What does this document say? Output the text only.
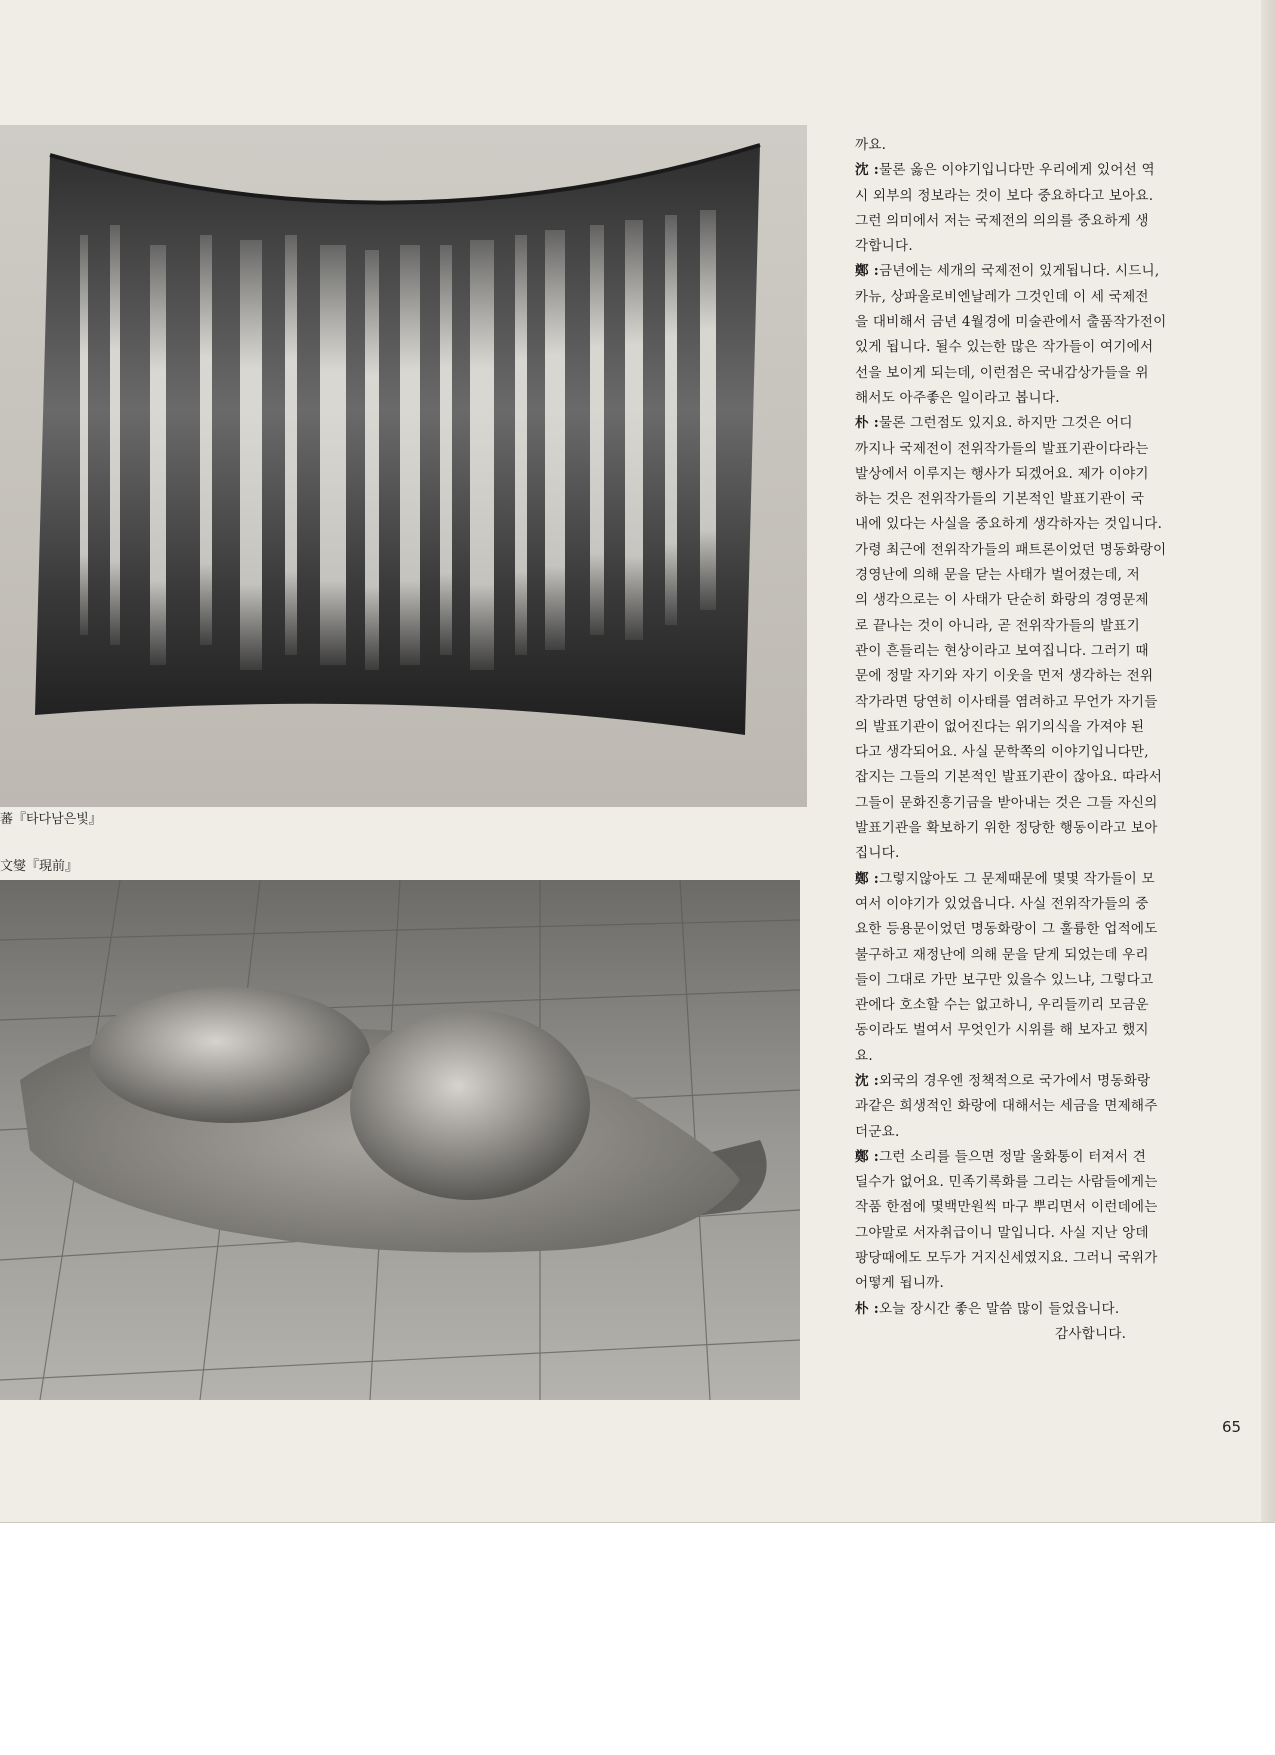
蕃『타다남은빛』
文燮『現前』
까요.
沈 :물론 옳은 이야기입니다만 우리에게 있어선 역
시 외부의 정보라는 것이 보다 중요하다고 보아요.
그런 의미에서 저는 국제전의 의의를 중요하게 생
각합니다.
鄭 :금년에는 세개의 국제전이 있게됩니다. 시드니,
카뉴, 상파울로비엔날레가 그것인데 이 세 국제전
을 대비해서 금년 4월경에 미술관에서 출품작가전이
있게 됩니다. 될수 있는한 많은 작가들이 여기에서
선을 보이게 되는데, 이런점은 국내감상가들을 위
해서도 아주좋은 일이라고 봅니다.
朴 :물론 그런점도 있지요. 하지만 그것은 어디
까지나 국제전이 전위작가들의 발표기관이다라는
발상에서 이루지는 행사가 되겠어요. 제가 이야기
하는 것은 전위작가들의 기본적인 발표기관이 국
내에 있다는 사실을 중요하게 생각하자는 것입니다.
가령 최근에 전위작가들의 패트론이었던 명동화랑이
경영난에 의해 문을 닫는 사태가 벌어졌는데, 저
의 생각으로는 이 사태가 단순히 화랑의 경영문제
로 끝나는 것이 아니라, 곧 전위작가들의 발표기
관이 흔들리는 현상이라고 보여집니다. 그러기 때
문에 정말 자기와 자기 이웃을 먼저 생각하는 전위
작가라면 당연히 이사태를 염려하고 무언가 자기들
의 발표기관이 없어진다는 위기의식을 가져야 된
다고 생각되어요. 사실 문학쪽의 이야기입니다만,
잡지는 그들의 기본적인 발표기관이 잖아요. 따라서
그들이 문화진흥기금을 받아내는 것은 그들 자신의
발표기관을 확보하기 위한 정당한 행동이라고 보아
집니다.
鄭 :그렇지않아도 그 문제때문에 몇몇 작가들이 모
여서 이야기가 있었읍니다. 사실 전위작가들의 중
요한 등용문이었던 명동화랑이 그 훌륭한 업적에도
불구하고 재정난에 의해 문을 닫게 되었는데 우리
들이 그대로 가만 보구만 있을수 있느냐, 그렇다고
관에다 호소할 수는 없고하니, 우리들끼리 모금운
동이라도 벌여서 무엇인가 시위를 해 보자고 했지
요.
沈 :외국의 경우엔 정책적으로 국가에서 명동화랑
과같은 희생적인 화랑에 대해서는 세금을 면제해주
더군요.
鄭 :그런 소리를 들으면 정말 울화통이 터져서 견
딜수가 없어요. 민족기록화를 그리는 사람들에게는
작품 한점에 몇백만원씩 마구 뿌리면서 이런데에는
그야말로 서자취급이니 말입니다. 사실 지난 앙데
팡당때에도 모두가 거지신세였지요. 그러니 국위가
어떻게 됩니까.
朴 :오늘 장시간 좋은 말씀 많이 들었읍니다.
감사합니다.
65
